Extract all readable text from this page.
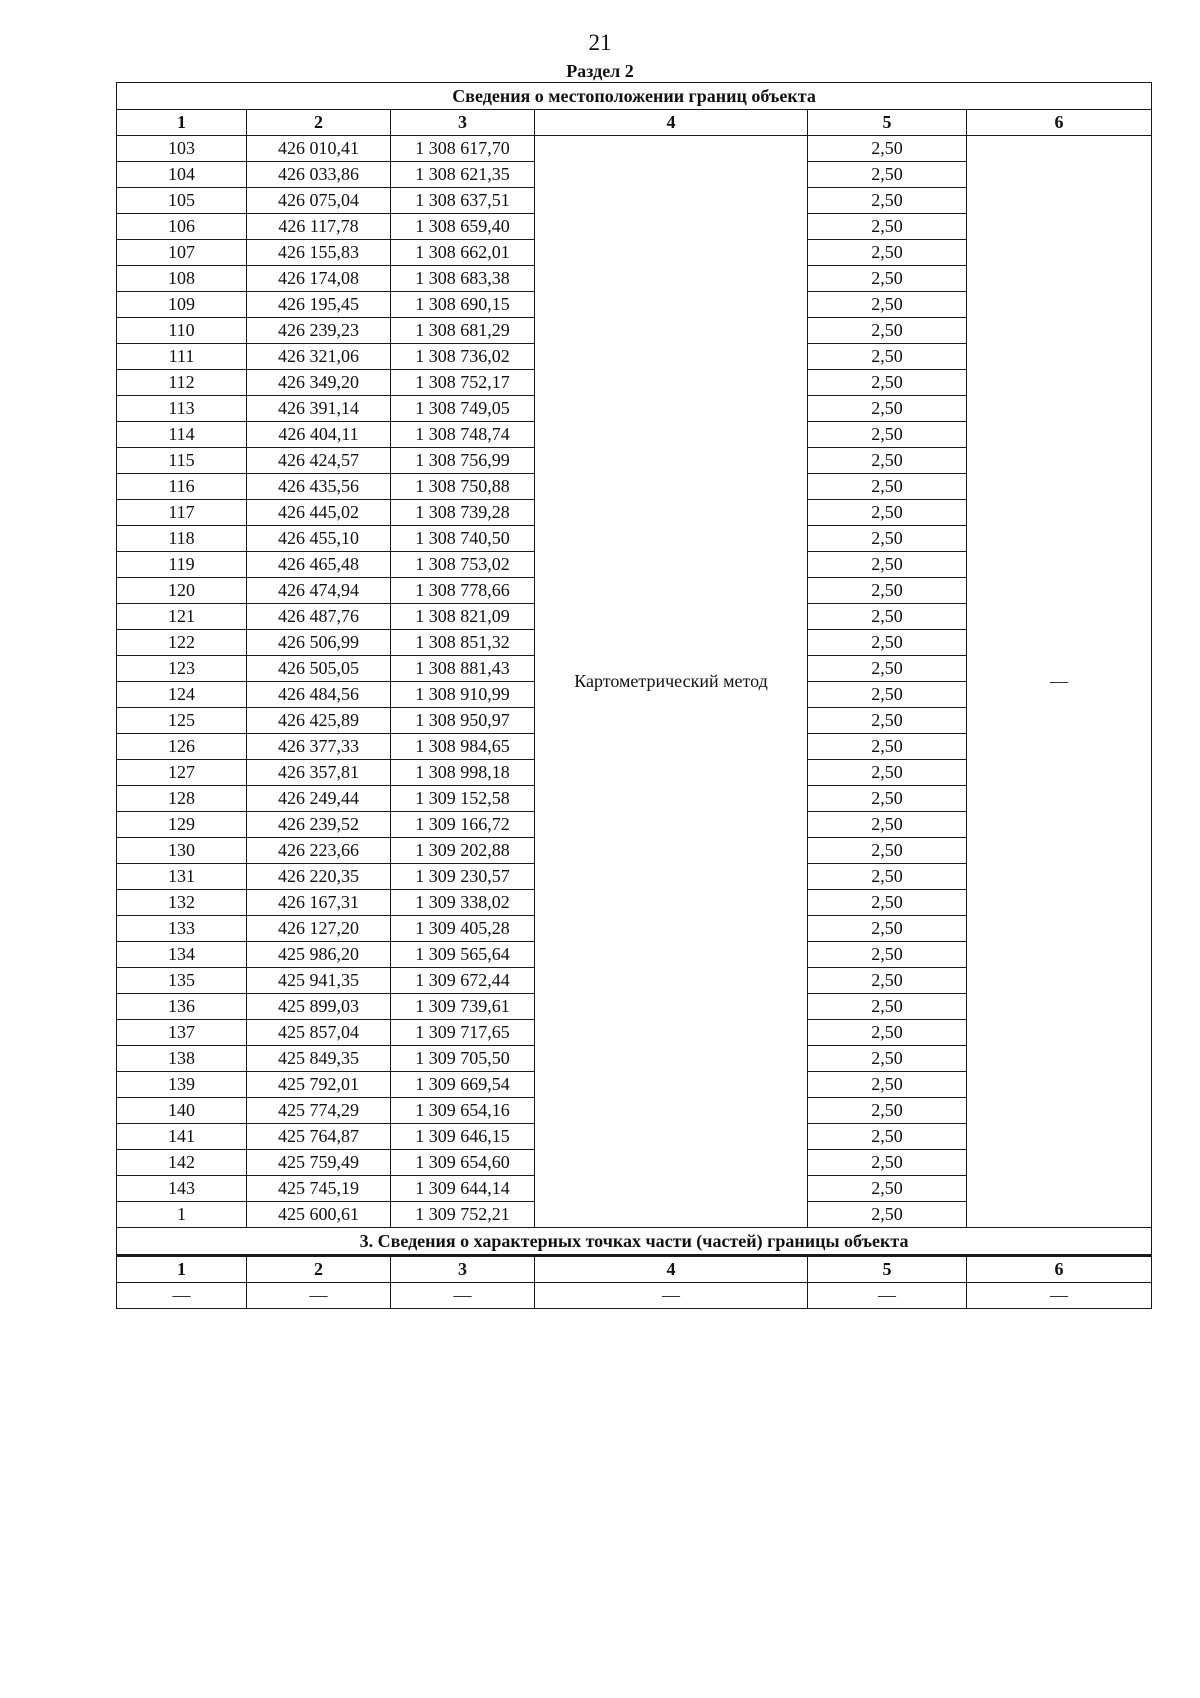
21
Раздел 2
Сведения о местоположении границ объекта					
1	2	3	4	5	6
103	426 010,41	1 308 617,70	Картометрический метод	2,50	—
104	426 033,86	1 308 621,35		2,50	
105	426 075,04	1 308 637,51		2,50	
106	426 117,78	1 308 659,40		2,50	
107	426 155,83	1 308 662,01		2,50	
108	426 174,08	1 308 683,38		2,50	
109	426 195,45	1 308 690,15		2,50	
110	426 239,23	1 308 681,29		2,50	
111	426 321,06	1 308 736,02		2,50	
112	426 349,20	1 308 752,17		2,50	
113	426 391,14	1 308 749,05		2,50	
114	426 404,11	1 308 748,74		2,50	
115	426 424,57	1 308 756,99		2,50	
116	426 435,56	1 308 750,88		2,50	
117	426 445,02	1 308 739,28		2,50	
118	426 455,10	1 308 740,50		2,50	
119	426 465,48	1 308 753,02		2,50	
120	426 474,94	1 308 778,66		2,50	
121	426 487,76	1 308 821,09		2,50	
122	426 506,99	1 308 851,32		2,50	
123	426 505,05	1 308 881,43		2,50	
124	426 484,56	1 308 910,99		2,50	
125	426 425,89	1 308 950,97		2,50	
126	426 377,33	1 308 984,65		2,50	
127	426 357,81	1 308 998,18		2,50	
128	426 249,44	1 309 152,58		2,50	
129	426 239,52	1 309 166,72		2,50	
130	426 223,66	1 309 202,88		2,50	
131	426 220,35	1 309 230,57		2,50	
132	426 167,31	1 309 338,02		2,50	
133	426 127,20	1 309 405,28		2,50	
134	425 986,20	1 309 565,64		2,50	
135	425 941,35	1 309 672,44		2,50	
136	425 899,03	1 309 739,61		2,50	
137	425 857,04	1 309 717,65		2,50	
138	425 849,35	1 309 705,50		2,50	
139	425 792,01	1 309 669,54		2,50	
140	425 774,29	1 309 654,16		2,50	
141	425 764,87	1 309 646,15		2,50	
142	425 759,49	1 309 654,60		2,50	
143	425 745,19	1 309 644,14		2,50	
1	425 600,61	1 309 752,21		2,50	
3. Сведения о характерных точках части (частей) границы объекта					
1	2	3	4	5	6
—	—	—	—	—	—
